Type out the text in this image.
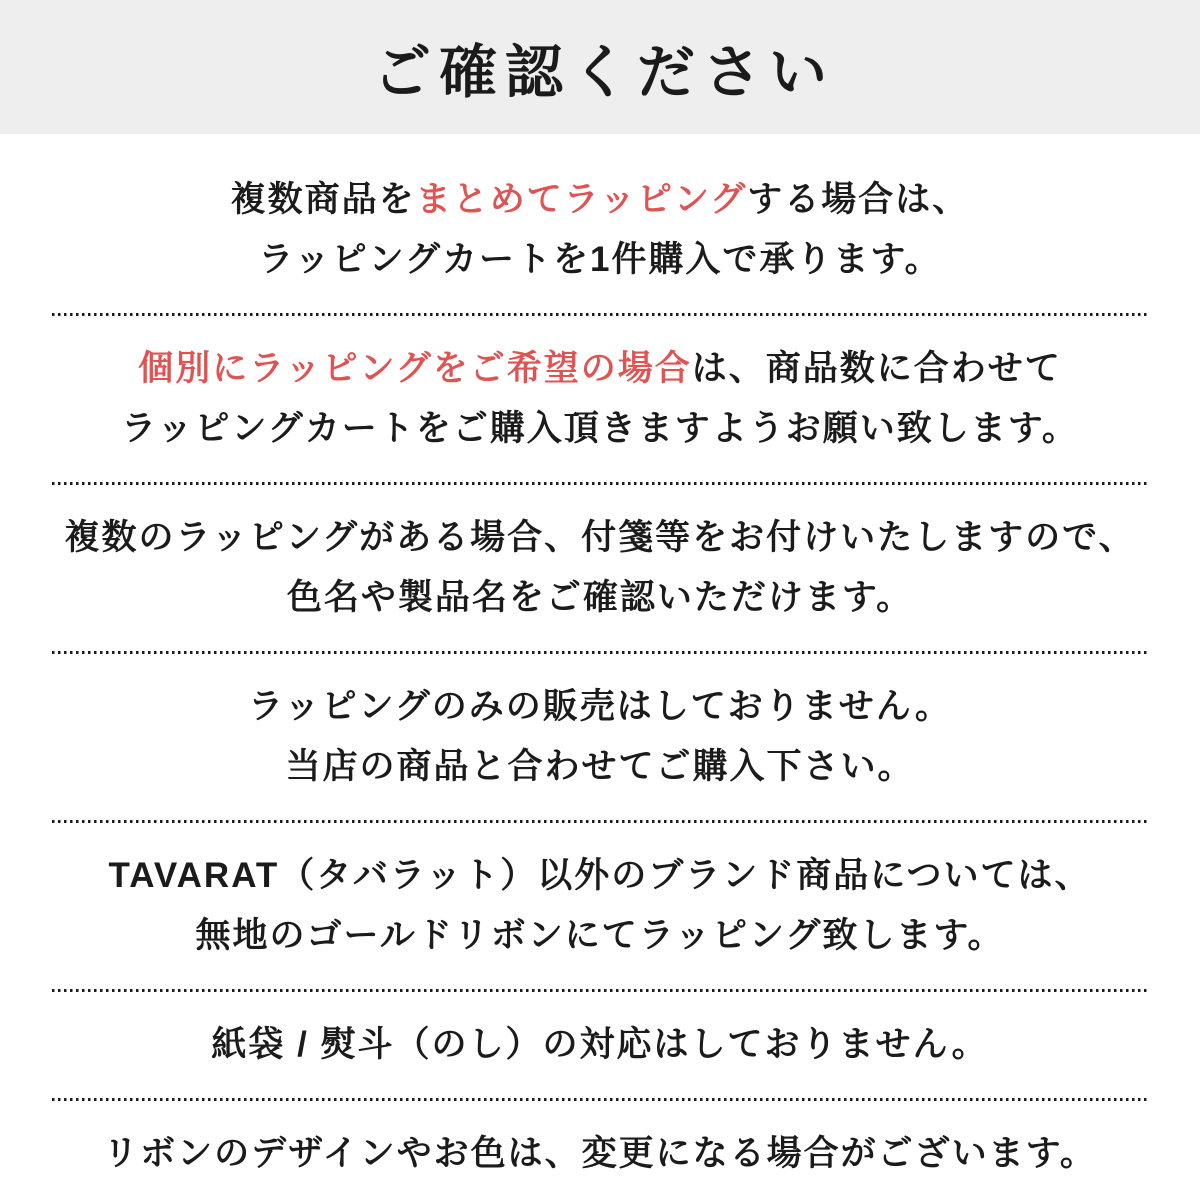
ご確認ください

複数商品をまとめてラッピングする場合は、

ラッピングカートを1件購入で承ります。

個別にラッピングをご希望の場合は、商品数に合わせて

ラッピングカートをご購入頂きますようお願い致します。

複数のラッピングがある場合、付箋等をお付けいたしますので、

色名や製品名をご確認いただけます。

ラッピングのみの販売はしておりません。

当店の商品と合わせてご購入下さい。

TAVARAT（タバラット）以外のブランド商品については、

無地のゴールドリボンにてラッピング致します。

紙袋 / 熨斗（のし）の対応はしておりません。

リボンのデザインやお色は、変更になる場合がございます。
